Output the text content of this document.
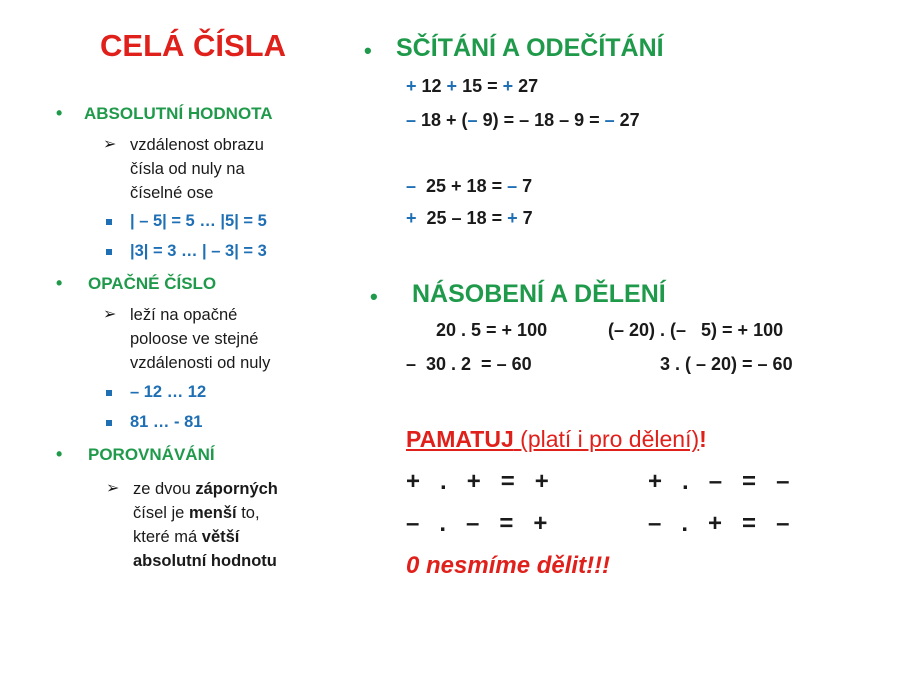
CELÁ ČÍSLA
• ABSOLUTNÍ HODNOTA
➢ vzdálenost obrazu
čísla od nuly na
číselné ose
| – 5| = 5 … |5| = 5
|3| = 3 … | – 3| = 3
• OPAČNÉ ČÍSLO
➢ leží na opačné
poloose ve stejné
vzdálenosti od nuly
– 12 … 12
81 … - 81
• POROVNÁVÁNÍ
➢ ze dvou záporných
čísel je menší to,
které má větší
absolutní hodnotu
• SČÍTÁNÍ A ODEČÍTÁNÍ
+ 12 + 15 = + 27
– 18 + (– 9) = – 18 – 9 = – 27
–  25 + 18 = – 7
+  25 – 18 = + 7
• NÁSOBENÍ A DĚLENÍ
20 . 5 = + 100	(– 20) . (–   5) = + 100
–  30 . 2  = – 60	3 . ( – 20) = – 60
PAMATUJ (platí i pro dělení)!
+   .   +   =   +	+   .   –   =   –
–   .   –   =   +	–   .   +   =   –
0 nesmíme dělit!!!
